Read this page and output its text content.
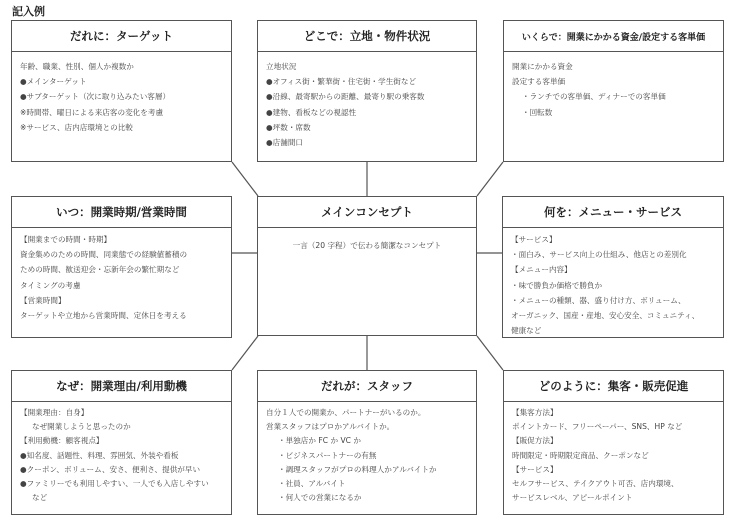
記入例
だれに：ターゲット
年齢、職業、性別、個人か複数か
●メインターゲット
●サブターゲット（次に取り込みたい客層）
※時間帯、曜日による来店客の変化を考慮
※サービス、店内店環境との比較
どこで：立地・物件状況
立地状況
●オフィス街・繁華街・住宅街・学生街など
●沿線、最寄駅からの距離、最寄り駅の乗客数
●建物、看板などの視認性
●坪数・席数
●店舗間口
いくらで：開業にかかる資金/設定する客単価
開業にかかる資金
設定する客単価
・ランチでの客単価、ディナーでの客単価
・回転数
いつ：開業時期/営業時間
【開業までの時間・時期】
資金集めのための時間、同業態での経験値蓄積の
ための時間、歓送迎会・忘新年会の繁忙期など
タイミングの考慮
【営業時間】
ターゲットや立地から営業時間、定休日を考える
メインコンセプト
一言（20 字程）で伝わる簡潔なコンセプト
何を：メニュー・サービス
【サービス】
・面白み、サービス向上の仕組み、他店との差別化
【メニュー内容】
・味で勝負か価格で勝負か
・メニューの種類、器、盛り付け方、ボリューム、
オーガニック、国産・産地、安心安全、コミュニティ、
健康など
なぜ：開業理由/利用動機
【開業理由：自身】
なぜ開業しようと思ったのか
【利用動機：顧客視点】
●知名度、話題性、料理、雰囲気、外装や看板
●クーポン、ボリューム、安さ、便利さ、提供が早い
●ファミリーでも利用しやすい、一人でも入店しやすい
など
だれが：スタッフ
自分１人での開業か、パートナーがいるのか。
営業スタッフはプロかアルバイトか。
・単独店か FC か VC か
・ビジネスパートナーの有無
・調理スタッフがプロの料理人かアルバイトか
・社員、アルバイト
・何人での営業になるか
どのように：集客・販売促進
【集客方法】
ポイントカード、フリーペーパー、SNS、HP など
【販促方法】
時間限定・時期限定商品、クーポンなど
【サービス】
セルフサービス、テイクアウト可否、店内環境、
サービスレベル、アピールポイント
